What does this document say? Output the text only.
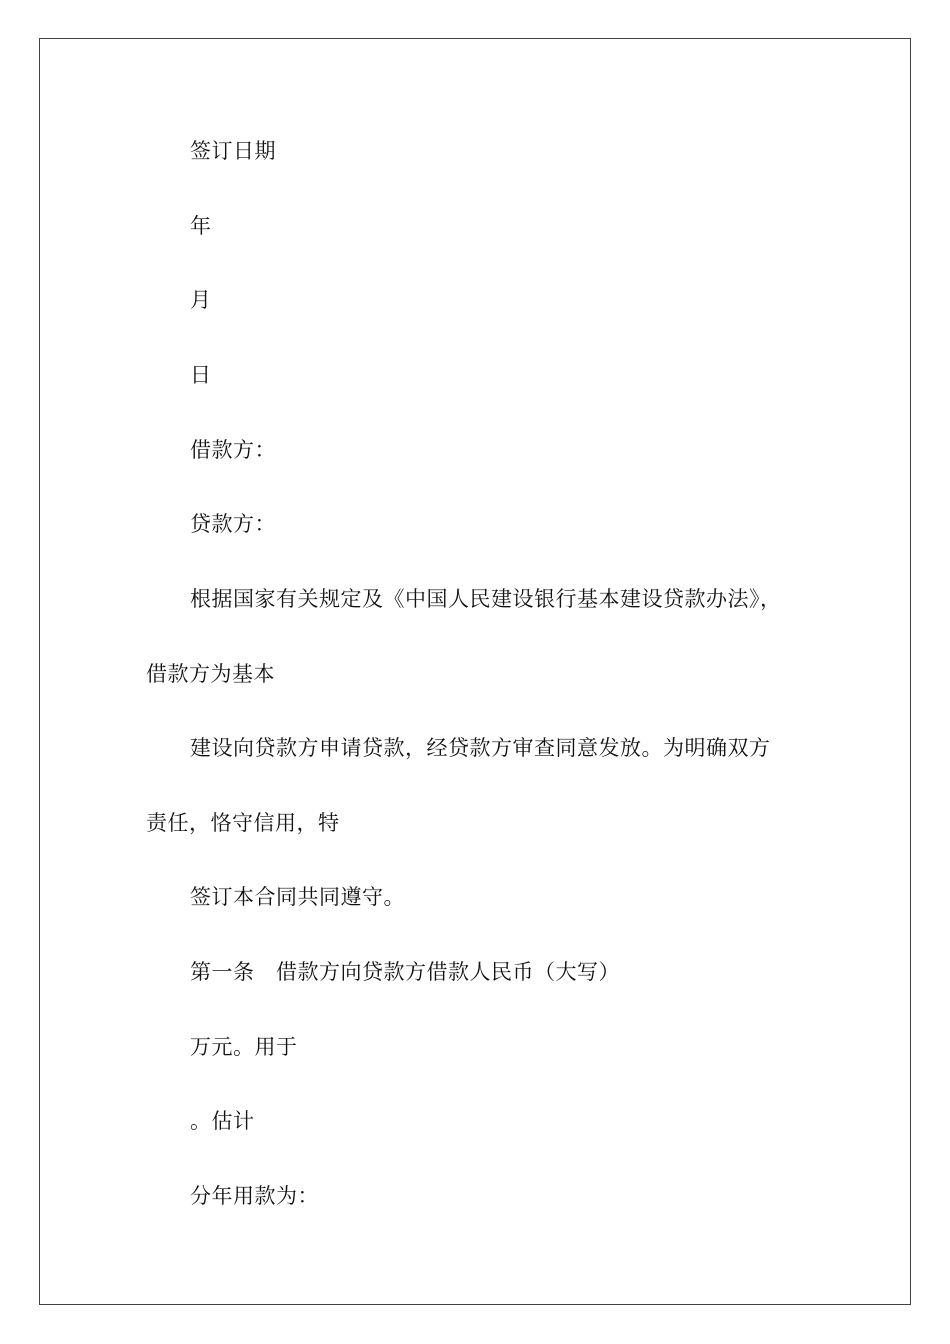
签订日期
年
月
日
借款方：
贷款方：
根据国家有关规定及《中国人民建设银行基本建设贷款办法》，
借款方为基本
建设向贷款方申请贷款，经贷款方审查同意发放。为明确双方
责任，恪守信用，特
签订本合同共同遵守。
第一条　借款方向贷款方借款人民币（大写）
万元。用于
。估计
分年用款为：
